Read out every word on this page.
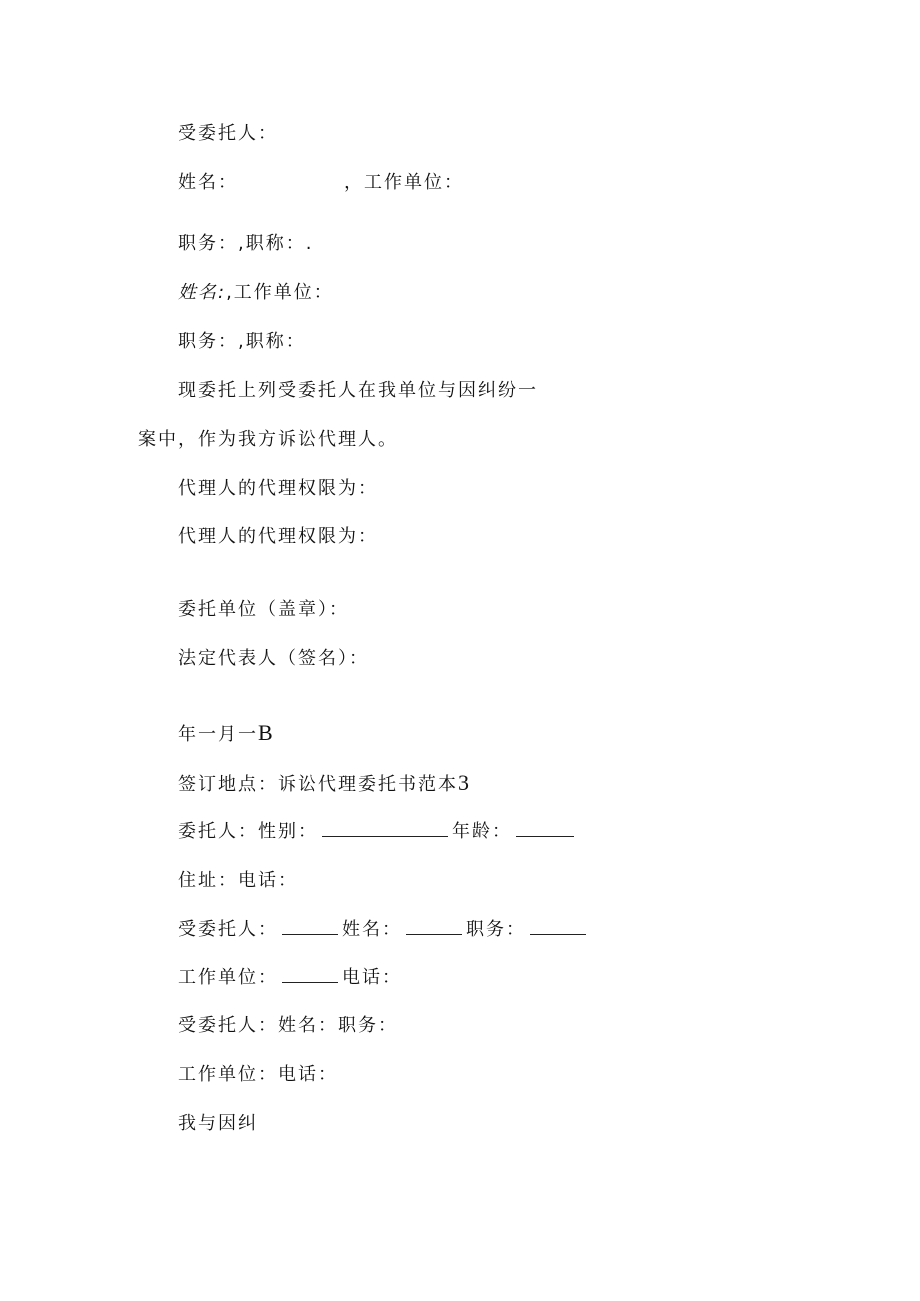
受委托人：
姓名：	，工作单位：
职务：,职称：.
姓名:,工作单位：
职务：,职称：
现委托上列受委托人在我单位与因纠纷一
案中，作为我方诉讼代理人。
代理人的代理权限为：
代理人的代理权限为：
委托单位（盖章）：
法定代表人（签名）：
年一月一B
签订地点：诉讼代理委托书范本3
委托人：性别：	年龄：
住址：电话：
受委托人：	姓名：	职务：
工作单位：	电话：
受委托人：姓名：职务：
工作单位：电话：
我与因纠
